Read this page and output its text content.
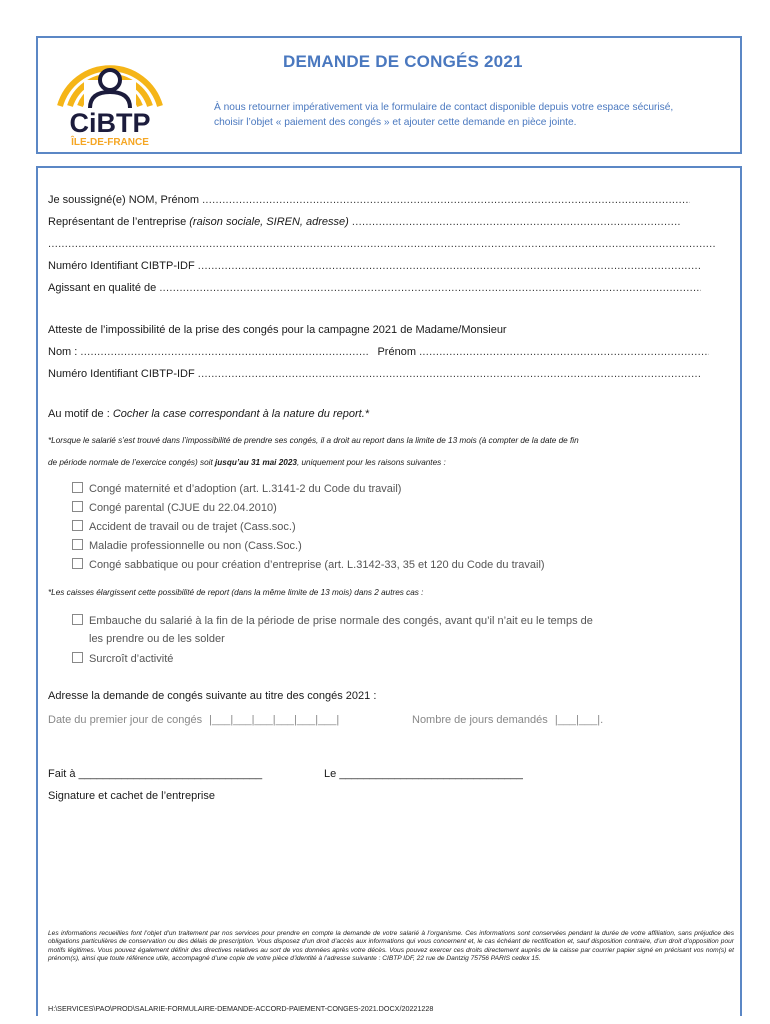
CiBTP
ÎLE-DE-FRANCE
DEMANDE DE CONGÉS 2021
À nous retourner impérativement via le formulaire de contact disponible depuis votre espace sécurisé,
choisir l’objet « paiement des congés » et ajouter cette demande en pièce jointe.
Je soussigné(e) NOM, Prénom .....
Représentant de l’entreprise (raison sociale, SIREN, adresse) .....
.....
Numéro Identifiant CIBTP-IDF .....
Agissant en qualité de .....
Atteste de l’impossibilité de la prise des congés pour la campagne 2021 de Madame/Monsieur
Nom : .....	Prénom .....
Numéro Identifiant CIBTP-IDF .....
Au motif de : Cocher la case correspondant à la nature du report.*
*Lorsque le salarié s’est trouvé dans l’impossibilité de prendre ses congés, il a droit au report dans la limite de 13 mois (à compter de la date de fin
de période normale de l’exercice congés) soit jusqu’au 31 mai 2023, uniquement pour les raisons suivantes :
Congé maternité et d’adoption (art. L.3141-2 du Code du travail)
Congé parental (CJUE du 22.04.2010)
Accident de travail ou de trajet (Cass.soc.)
Maladie professionnelle ou non (Cass.Soc.)
Congé sabbatique ou pour création d’entreprise (art. L.3142-33, 35 et 120 du Code du travail)
*Les caisses élargissent cette possibilité de report (dans la même limite de 13 mois) dans 2 autres cas :
Embauche du salarié à la fin de la période de prise normale des congés, avant qu’il n’ait eu le temps de
les prendre ou de les solder
Surcroît d’activité
Adresse la demande de congés suivante au titre des congés 2021 :
Date du premier jour de congés |___|___|___|___|___|___|	Nombre de jours demandés |___|___|.
Fait à ______________________________	Le ______________________________
Signature et cachet de l’entreprise
Les informations recueillies font l’objet d’un traitement par nos services pour prendre en compte la demande de votre salarié à l’organisme. Ces informations sont conservées pendant la durée de votre affiliation, sans préjudice des obligations particulières de conservation ou des délais de prescription. Vous disposez d’un droit d’accès aux informations qui vous concernent et, le cas échéant de rectification et, sauf disposition contraire, d’un droit d’opposition pour motifs légitimes. Vous pouvez également définir des directives relatives au sort de vos données après votre décès. Vous pouvez exercer ces droits directement auprès de la caisse par courrier papier signé en précisant vos nom(s) et prénom(s), ainsi que toute référence utile, accompagné d’une copie de votre pièce d’identité à l’adresse suivante : CIBTP IDF, 22 rue de Dantzig 75756 PARIS cedex 15.
H:\SERVICES\PAO\PROD\SALARIE-FORMULAIRE-DEMANDE-ACCORD-PAIEMENT-CONGES-2021.DOCX/20221228
